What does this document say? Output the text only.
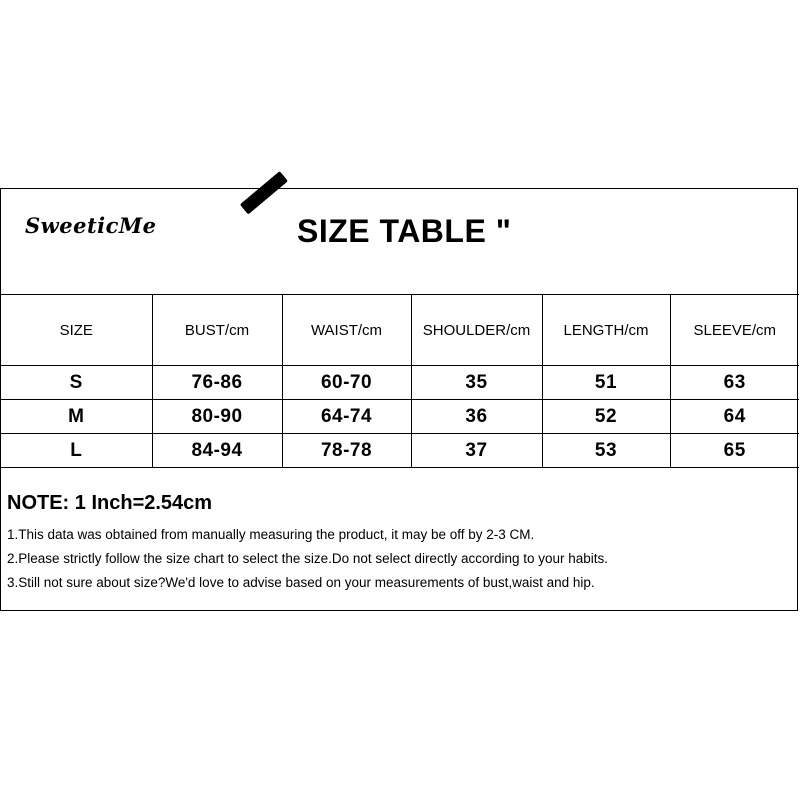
SweeticMe	SIZE TABLE "
SIZE	BUST/cm	WAIST/cm	SHOULDER/cm	LENGTH/cm	SLEEVE/cm
S	76-86	60-70	35	51	63
M	80-90	64-74	36	52	64
L	84-94	78-78	37	53	65
NOTE: 1 Inch=2.54cm
1.This data was obtained from manually measuring the product, it may be off by 2-3 CM.
2.Please strictly follow the size chart to select the size.Do not select directly according to your habits.
3.Still not sure about size?We'd love to advise based on your measurements of bust,waist and hip.
